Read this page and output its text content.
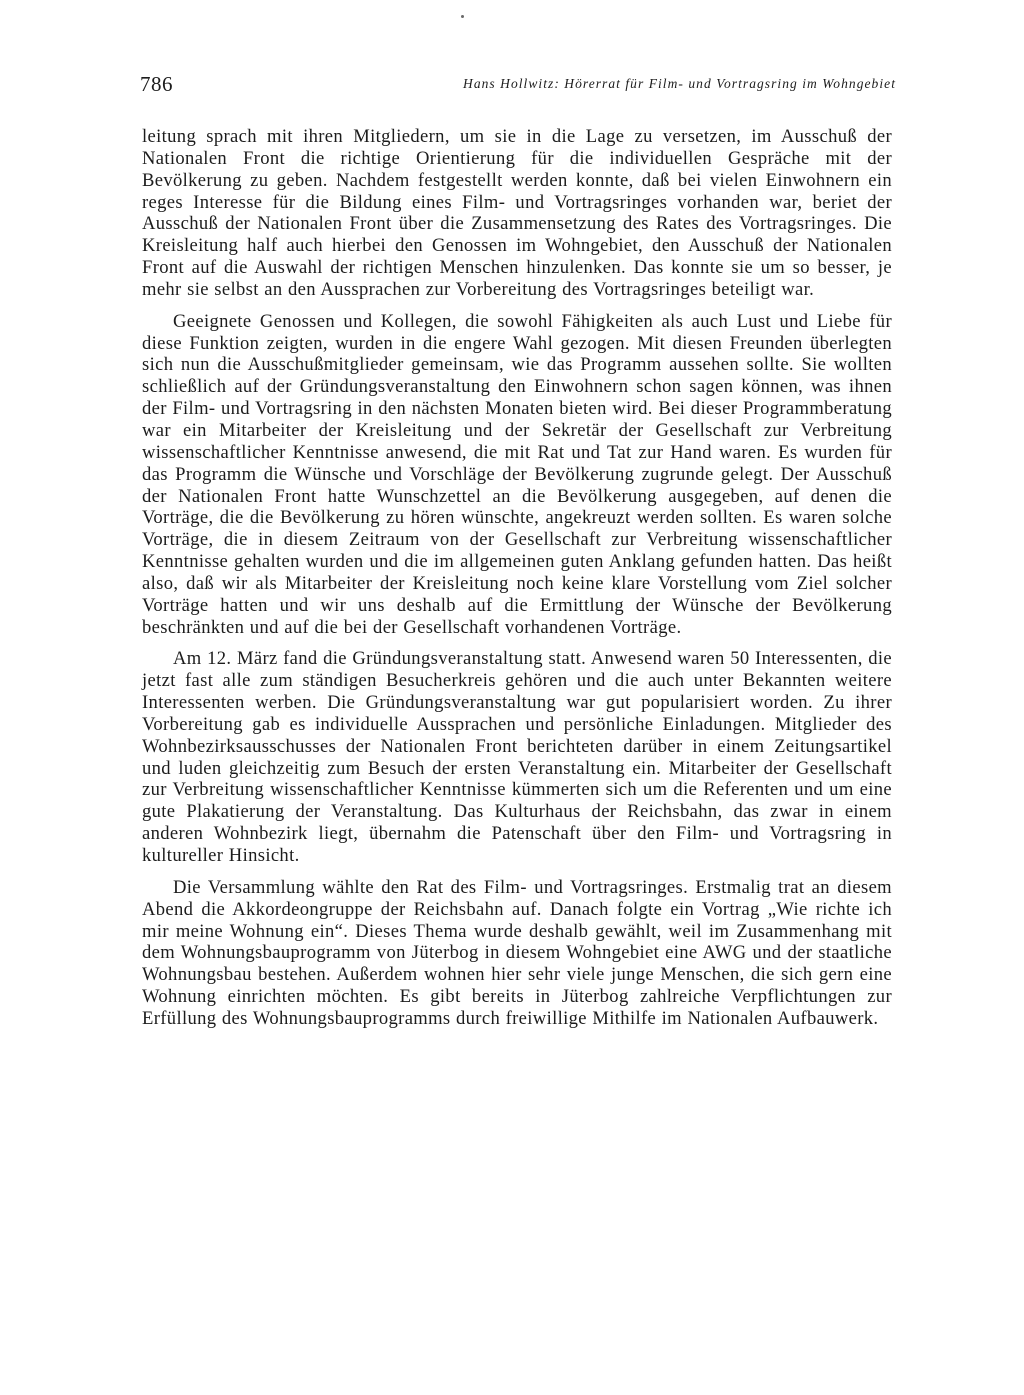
786	Hans Hollwitz: Hörerrat für Film- und Vortragsring im Wohngebiet

leitung sprach mit ihren Mitgliedern, um sie in die Lage zu versetzen, im Ausschuß der Nationalen Front die richtige Orientierung für die individuellen Gespräche mit der Bevölkerung zu geben. Nachdem festgestellt werden konnte, daß bei vielen Einwohnern ein reges Interesse für die Bildung eines Film- und Vortragsringes vorhanden war, beriet der Ausschuß der Nationalen Front über die Zusammensetzung des Rates des Vortragsringes. Die Kreisleitung half auch hierbei den Genossen im Wohngebiet, den Ausschuß der Nationalen Front auf die Auswahl der richtigen Menschen hinzulenken. Das konnte sie um so besser, je mehr sie selbst an den Aussprachen zur Vorbereitung des Vortragsringes beteiligt war.

Geeignete Genossen und Kollegen, die sowohl Fähigkeiten als auch Lust und Liebe für diese Funktion zeigten, wurden in die engere Wahl gezogen. Mit diesen Freunden überlegten sich nun die Ausschußmitglieder gemeinsam, wie das Programm aussehen sollte. Sie wollten schließlich auf der Gründungsveranstaltung den Einwohnern schon sagen können, was ihnen der Film- und Vortragsring in den nächsten Monaten bieten wird. Bei dieser Programmberatung war ein Mitarbeiter der Kreisleitung und der Sekretär der Gesellschaft zur Verbreitung wissenschaftlicher Kenntnisse anwesend, die mit Rat und Tat zur Hand waren. Es wurden für das Programm die Wünsche und Vorschläge der Bevölkerung zugrunde gelegt. Der Ausschuß der Nationalen Front hatte Wunschzettel an die Bevölkerung ausgegeben, auf denen die Vorträge, die die Bevölkerung zu hören wünschte, angekreuzt werden sollten. Es waren solche Vorträge, die in diesem Zeitraum von der Gesellschaft zur Verbreitung wissenschaftlicher Kenntnisse gehalten wurden und die im allgemeinen guten Anklang gefunden hatten. Das heißt also, daß wir als Mitarbeiter der Kreisleitung noch keine klare Vorstellung vom Ziel solcher Vorträge hatten und wir uns deshalb auf die Ermittlung der Wünsche der Bevölkerung beschränkten und auf die bei der Gesellschaft vorhandenen Vorträge.

Am 12. März fand die Gründungsveranstaltung statt. Anwesend waren 50 Interessenten, die jetzt fast alle zum ständigen Besucherkreis gehören und die auch unter Bekannten weitere Interessenten werben. Die Gründungsveranstaltung war gut popularisiert worden. Zu ihrer Vorbereitung gab es individuelle Aussprachen und persönliche Einladungen. Mitglieder des Wohnbezirksausschusses der Nationalen Front berichteten darüber in einem Zeitungsartikel und luden gleichzeitig zum Besuch der ersten Veranstaltung ein. Mitarbeiter der Gesellschaft zur Verbreitung wissenschaftlicher Kenntnisse kümmerten sich um die Referenten und um eine gute Plakatierung der Veranstaltung. Das Kulturhaus der Reichsbahn, das zwar in einem anderen Wohnbezirk liegt, übernahm die Patenschaft über den Film- und Vortragsring in kultureller Hinsicht.

Die Versammlung wählte den Rat des Film- und Vortragsringes. Erstmalig trat an diesem Abend die Akkordeongruppe der Reichsbahn auf. Danach folgte ein Vortrag „Wie richte ich mir meine Wohnung ein“. Dieses Thema wurde deshalb gewählt, weil im Zusammenhang mit dem Wohnungsbauprogramm von Jüterbog in diesem Wohngebiet eine AWG und der staatliche Wohnungsbau bestehen. Außerdem wohnen hier sehr viele junge Menschen, die sich gern eine Wohnung einrichten möchten. Es gibt bereits in Jüterbog zahlreiche Verpflichtungen zur Erfüllung des Wohnungsbauprogramms durch freiwillige Mithilfe im Nationalen Aufbauwerk.
